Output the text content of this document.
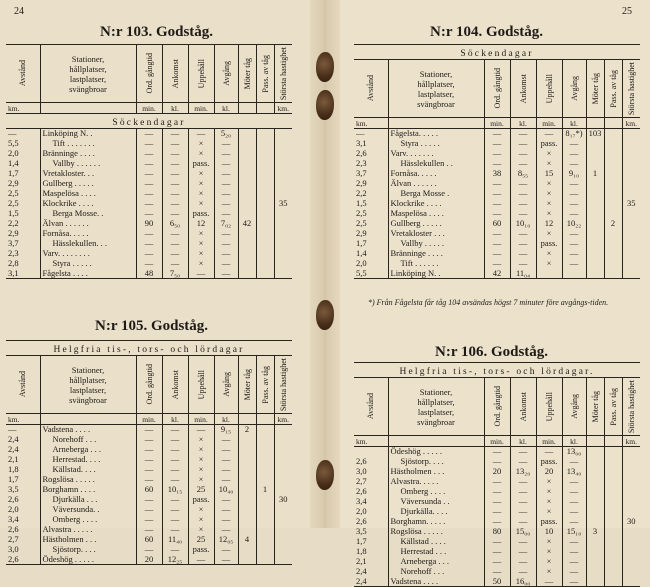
24	25
N:r 103. Godståg.	N:r 104. Godståg.
N:r 105. Godståg.
N:r 106. Godståg.
Avstånd	Stationer,
hållplatser,
lastplatser,
svängbroar	Ord. gångtid	Ankomst	Uppehåll	Avgång	Möter tåg	Pass. av tåg	Största hastighet

km.		min.	kl.	min.	kl.			km.
Söckendagar								
—	Linköping N. .	—	—	—	5₂₀			
5,5	Tift . . . . . . .	—	—	×	—			
2,0	Bränninge . . . .	—	—	×	—			
1,4	Vallby . . . . . .	—	—	pass.	—			
1,7	Vretakloster. . .	—	—	×	—			
2,9	Gullberg . . . . .	—	—	×	—			
2,5	Maspelösa . . . .	—	—	×	—			
2,5	Klockrike . . . .	—	—	×	—			35
1,5	Berga Mosse. .	—	—	pass.	—			
2,2	Älvan . . . . . .	90	6₅₀	12	7₀₂	42		
2,9	Fornåsa. . . . .	—	—	×	—			
3,7	Hässlekullen. . .	—	—	×	—			
2,3	Varv. . . . . . . .	—	—	×	—			
2,8	Styra . . . . .	—	—	×	—			
3,1	Fågelsta . . . .	48	7₅₀	—	—			
Söckendagar								

Avstånd	Stationer,
hållplatser,
lastplatser,
svängbroar	Ord. gångtid	Ankomst	Uppehåll	Avgång	Möter tåg	Pass. av tåg	Största hastighet

km.		min.	kl.	min.	kl.			km.
—	Fågelsta. . . . .	—	—	—	8₁₇*)	103		
3,1	Styra . . . . .	—	—	pass.	—			
2,6	Varv. . . . . . .	—	—	×	—			
2,3	Hässlekullen . .	—	—	×	—			
3,7	Fornåsa. . . . .	38	8₅₅	15	9₁₀	1		
2,9	Älvan . . . . . .	—	—	×	—			
2,2	Berga Mosse .	—	—	×	—			
1,5	Klockrike . . . .	—	—	×	—			35
2,5	Maspelösa . . . .	—	—	×	—			
2,5	Gullberg . . . . .	60	10₁₀	12	10₂₂		2	
2,9	Vretakloster . . .	—	—	×	—			
1,7	Vallby . . . . .	—	—	pass.	—			
1,4	Bränninge . . . .	—	—	×	—			
2,0	Tift . . . . . .	—	—	×	—			
5,5	Linköping N. .	42	11₀₄					
Helgfria tis-, tors- och lördagar								

Avstånd	Stationer,
hållplatser,
lastplatser,
svängbroar	Ord. gångtid	Ankomst	Uppehåll	Avgång	Möter tåg	Pass. av tåg	Största hastighet

km.		min.	kl.	min.	kl.			km.
—	Vadstena . . . .	—	—	—	9₁₅	2		
2,4	Norehoff . . .	—	—	×	—			
2,4	Arneberga . . .	—	—	×	—			
2,1	Herrestad. . . .	—	—	×	—			
1,8	Källstad. . . .	—	—	×	—			
1,7	Rogslösa . . . . .	—	—	×	—			
3,5	Borghamn . . . .	60	10₁₅	25	10₄₀		1	
2,6	Djurkälla . . .	—	—	pass.	—			30
2,0	Väversunda. .	—	—	×	—			
3,4	Omberg . . . .	—	—	×	—			
2,6	Alvastra . . . . .	—	—	×	—			
2,7	Hästholmen . . .	60	11₄₀	25	12₀₅	4		
3,0	Sjöstorp. . . .	—	—	pass.	—			
2,6	Ödeshög . . . . .	20	12₂₅	—	—			
Helgfria tis-, tors- och lördagar.								

Avstånd	Stationer,
hållplatser,
lastplatser,
svängbroar	Ord. gångtid	Ankomst	Uppehåll	Avgång	Möter tåg	Pass. av tåg	Största hastighet

km.		min.	kl.	min.	kl.			km.
	Ödeshög . . . . .	—	—	—	13₀₀			
2,6	Sjöstorp. . . .	—	—	pass.	—			
3,0	Hästholmen . . .	20	13₂₀	20	13₄₀			
2,7	Alvastra. . . . .	—	—	×	—			
2,6	Omberg . . . .	—	—	×	—			
3,4	Väversunda . .	—	—	×	—			
2,0	Djurkälla. . . .	—	—	×	—			
2,6	Borghamn. . . . .	—	—	pass.	—			30
3,5	Rogslösa . . . . .	80	15₀₀	10	15₁₀	3		
1,7	Källstad . . . .	—	—	×	—			
1,8	Herrestad . . .	—	—	×	—			
2,1	Arneberga . . .	—	—	×	—			
2,4	Norehoff . . .	—	—	×	—			
2,4	Vadstena . . . .	50	16₀₀	—	—			
*) Från Fågelsta får tåg 104 avsändas högst 7 minuter före avgångs-tiden.
